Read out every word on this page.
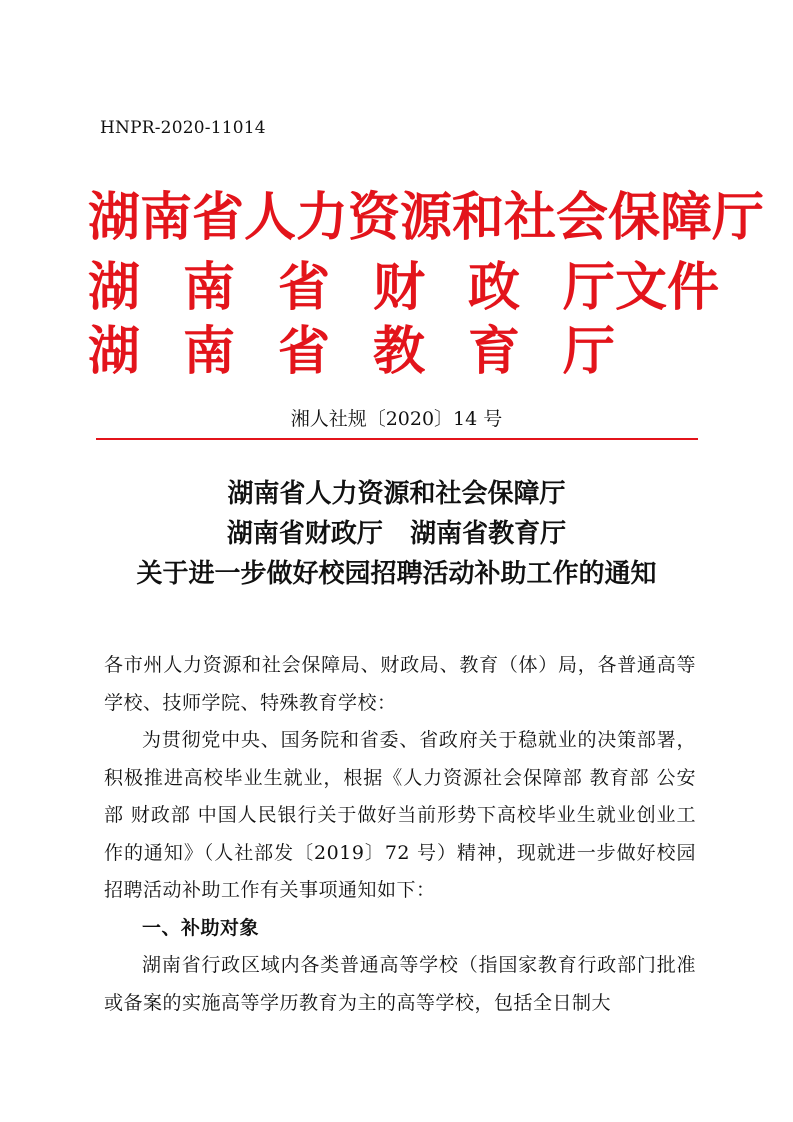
HNPR-2020-11014
湖南省人力资源和社会保障厅
湖 南 省 财 政 厅文件
湖 南 省 教 育 厅
湘人社规〔2020〕14 号
湖南省人力资源和社会保障厅
湖南省财政厅   湖南省教育厅
关于进一步做好校园招聘活动补助工作的通知
各市州人力资源和社会保障局、财政局、教育（体）局，各普通高等学校、技师学院、特殊教育学校：
为贯彻党中央、国务院和省委、省政府关于稳就业的决策部署，积极推进高校毕业生就业，根据《人力资源社会保障部 教育部 公安部 财政部 中国人民银行关于做好当前形势下高校毕业生就业创业工作的通知》（人社部发〔2019〕72 号）精神，现就进一步做好校园招聘活动补助工作有关事项通知如下：
一、补助对象
湖南省行政区域内各类普通高等学校（指国家教育行政部门批准或备案的实施高等学历教育为主的高等学校，包括全日制大
